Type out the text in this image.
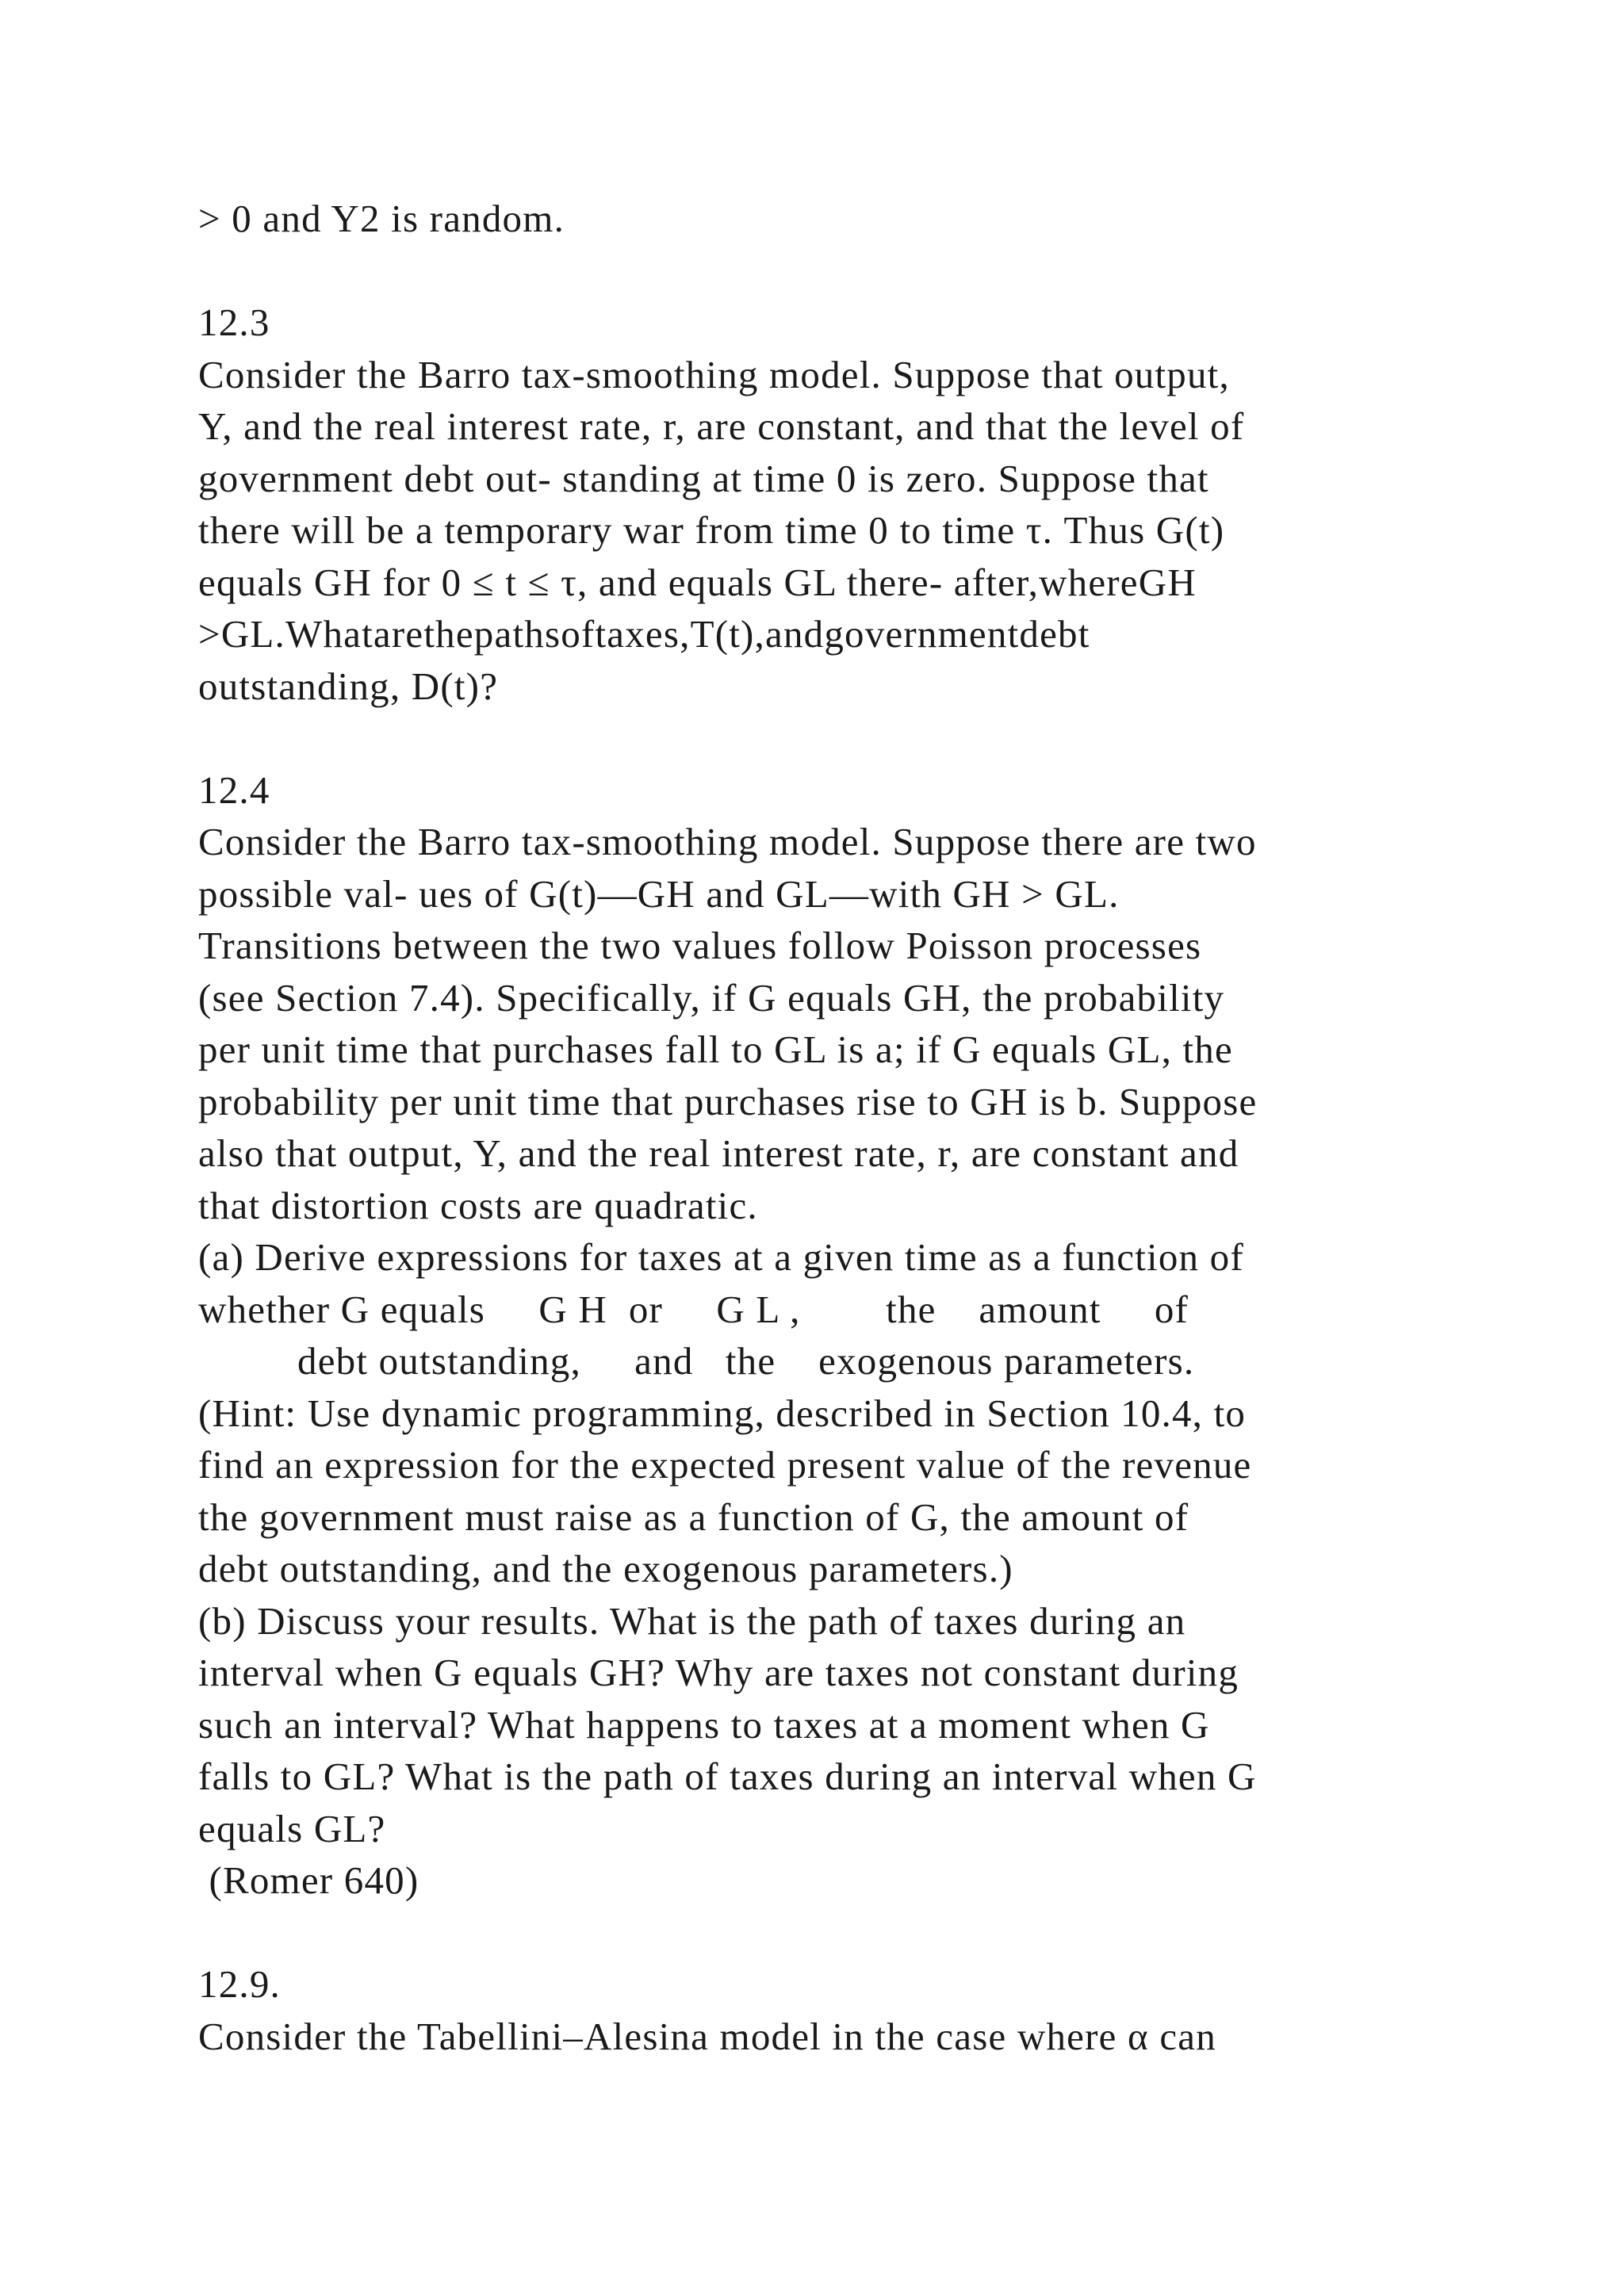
> 0 and Y2 is random.
12.3
Consider the Barro tax-smoothing model. Suppose that output,
Y, and the real interest rate, r, are constant, and that the level of
government debt out- standing at time 0 is zero. Suppose that
there will be a temporary war from time 0 to time τ. Thus G(t)
equals GH for 0 ≤ t ≤ τ, and equals GL there- after,whereGH
>GL.Whatarethepathsoftaxes,T(t),andgovernmentdebt
outstanding, D(t)?
12.4
Consider the Barro tax-smoothing model. Suppose there are two
possible val- ues of G(t)—GH and GL—with GH > GL.
Transitions between the two values follow Poisson processes
(see Section 7.4). Specifically, if G equals GH, the probability
per unit time that purchases fall to GL is a; if G equals GL, the
probability per unit time that purchases rise to GH is b. Suppose
also that output, Y, and the real interest rate, r, are constant and
that distortion costs are quadratic.
(a) Derive expressions for taxes at a given time as a function of
whether G equals     G H  or     G L ,        the    amount     of
debt outstanding,     and   the    exogenous parameters.
(Hint: Use dynamic programming, described in Section 10.4, to
find an expression for the expected present value of the revenue
the government must raise as a function of G, the amount of
debt outstanding, and the exogenous parameters.)
(b) Discuss your results. What is the path of taxes during an
interval when G equals GH? Why are taxes not constant during
such an interval? What happens to taxes at a moment when G
falls to GL? What is the path of taxes during an interval when G
equals GL?
(Romer 640)
12.9.
Consider the Tabellini–Alesina model in the case where α can
